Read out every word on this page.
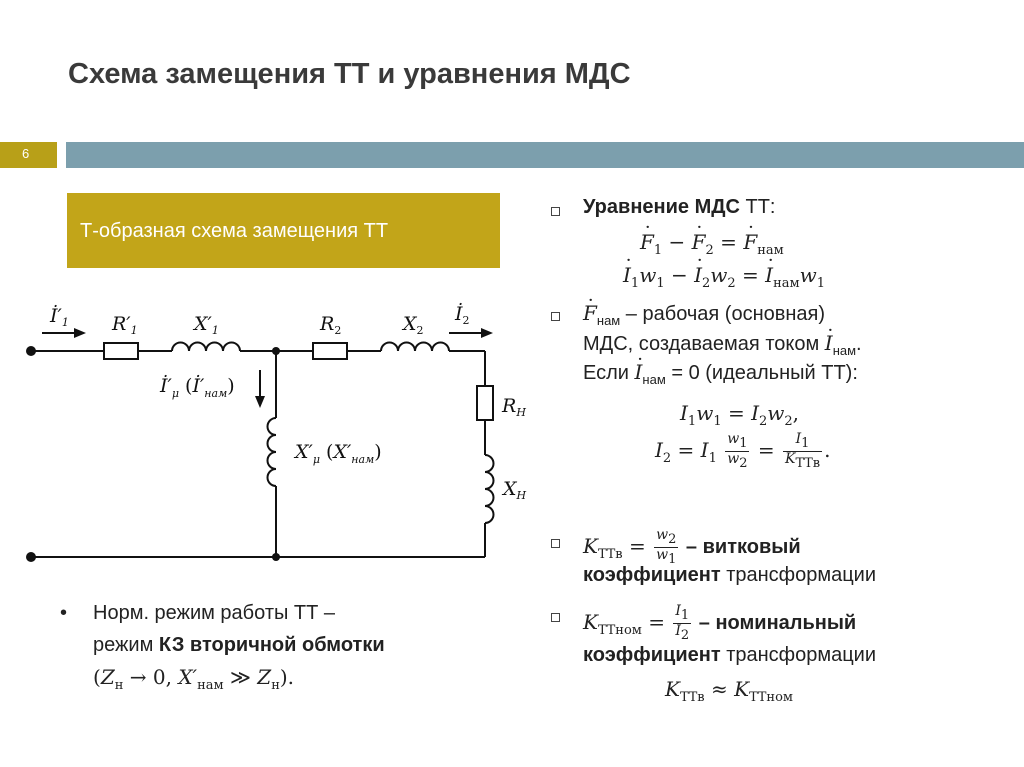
Схема замещения ТТ и уравнения МДС
6
Т-образная схема замещения ТТ
$İ'_1$ $R'_1$	$X'_1$	$R_2$	$X_2$
$İ_2$
$İ'_\mu$ $(İ'_{нам})$
$X'_\mu$ $(X'_{нам})$
$R_Н$
$X_Н$
• Норм. режим работы ТТ –
режим КЗ вторичной обмотки
($Z_н \to 0$, $X'_{нам}$ ≫ $Z_н$).
Уравнение МДС ТТ:
· $F_1$ − · $F_2$ = · $F_{нам}$
· $I_1w_1$ − · $I_2w_2$ = · $I_{нам}w_1$
· $F_{нам}$ – рабочая (основная)
МДС, создаваемая током · $I_{нам}$.
Если · $I_{нам} = 0$ (идеальный ТТ):
$I_1w_1 = I_2w_2$,
$I_2 = I_1 \frac{w_1}{w_2} = \frac{I_1}{K_{ТТв}}$ .
$K_{ТТв} = \frac{w_2}{w_1}$ – витковый
коэффициент трансформации
$K_{ТТном} = \frac{I_1}{I_2}$ – номинальный
коэффициент трансформации
$K_{ТТв} \approx K_{ТТном}$
